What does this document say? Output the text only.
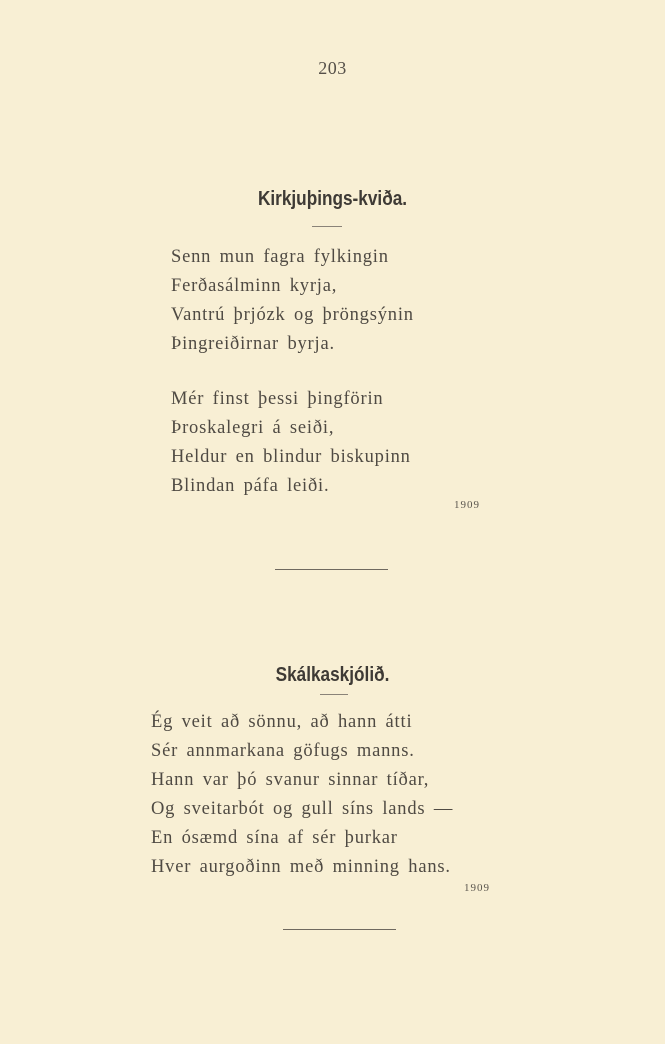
203
Kirkjuþings-kviða.
Senn mun fagra fylkingin
Ferðasálminn kyrja,
Vantrú þrjózk og þröngsýnin
Þingreiðirnar byrja.
Mér finst þessi þingförin
Þroskalegri á seiði,
Heldur en blindur biskupinn
Blindan páfa leiði.
1909
Skálkaskjólið.
Ég veit að sönnu, að hann átti
Sér annmarkana göfugs manns.
Hann var þó svanur sinnar tíðar,
Og sveitarbót og gull síns lands —
En ósæmd sína af sér þurkar
Hver aurgoðinn með minning hans.
1909
